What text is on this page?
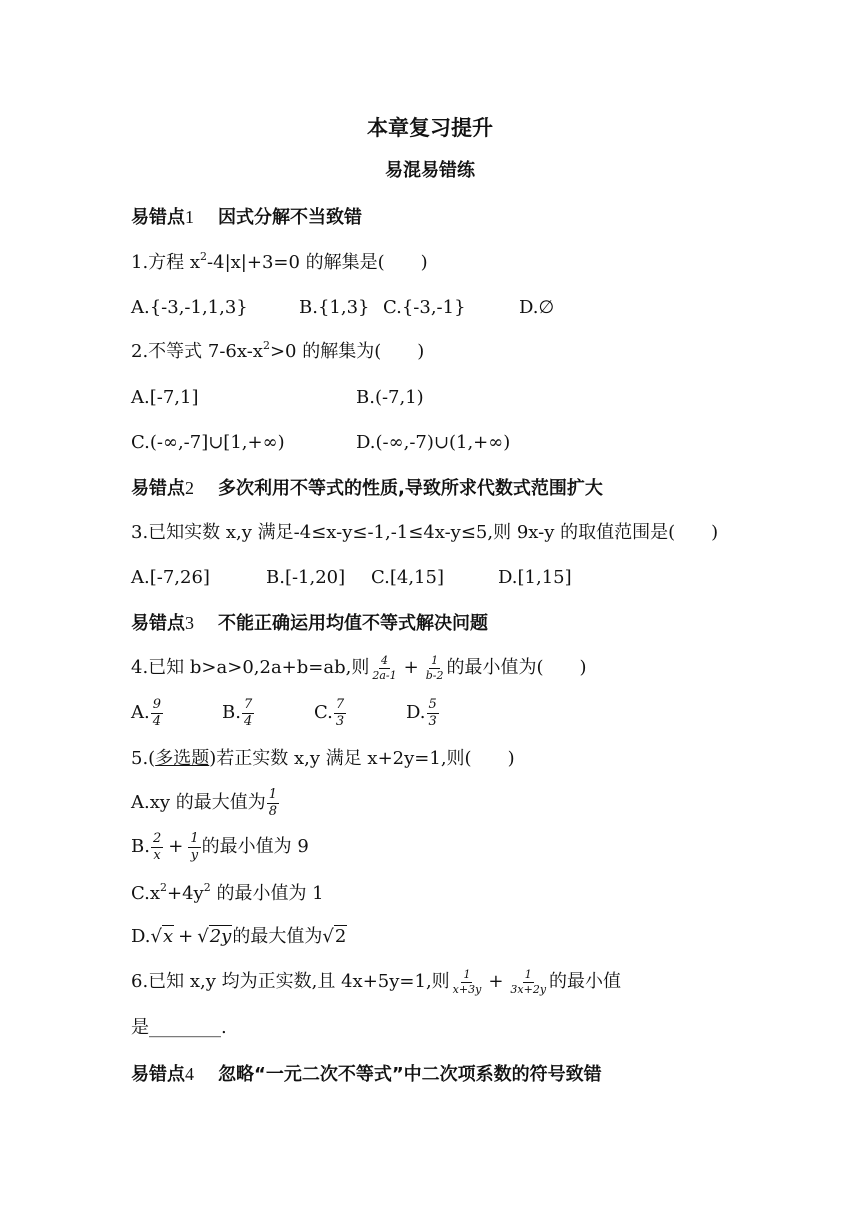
本章复习提升
易混易错练
易错点1 因式分解不当致错
1.方程 $x^2-4|x|+3=0$ 的解集是(　　)
A.{-3,-1,1,3}	B.{1,3} C.{-3,-1}	D.∅
2.不等式 $7-6x-x^2>0$ 的解集为(　　)
A.[-7,1]	B.(-7,1)
C.(-∞,-7]∪[1,+∞)	D.(-∞,-7)∪(1,+∞)
易错点2 多次利用不等式的性质,导致所求代数式范围扩大
3.已知实数 x,y 满足-4≤x-y≤-1,-1≤4x-y≤5,则 9x-y 的取值范围是(　　)
A.[-7,26]	B.[-1,20] C.[4,15]	D.[1,15]
易错点3 不能正确运用均值不等式解决问题
4.已知 b>a>0,2a+b=ab,则 $\frac{4}{2a-1} + \frac{1}{b-2}$ 的最小值为(　　)
A. $\frac{9}{4}$	B. $\frac{7}{4}$	C. $\frac{7}{3}$	D. $\frac{5}{3}$
5.(多选题)若正实数 x,y 满足 x+2y=1,则(　　)
A.xy 的最大值为 $\frac{1}{8}$
B. $\frac{2}{x} + \frac{1}{y}$ 的最小值为 9
$C.x^2+4y^2$ 的最小值为 1
D.√x + √2y的最大值为√2
6.已知 x,y 均为正实数,且 4x+5y=1,则 $\frac{1}{x+3y} + \frac{1}{3x+2y}$ 的最小值
是________.
易错点4 忽略“一元二次不等式”中二次项系数的符号致错
